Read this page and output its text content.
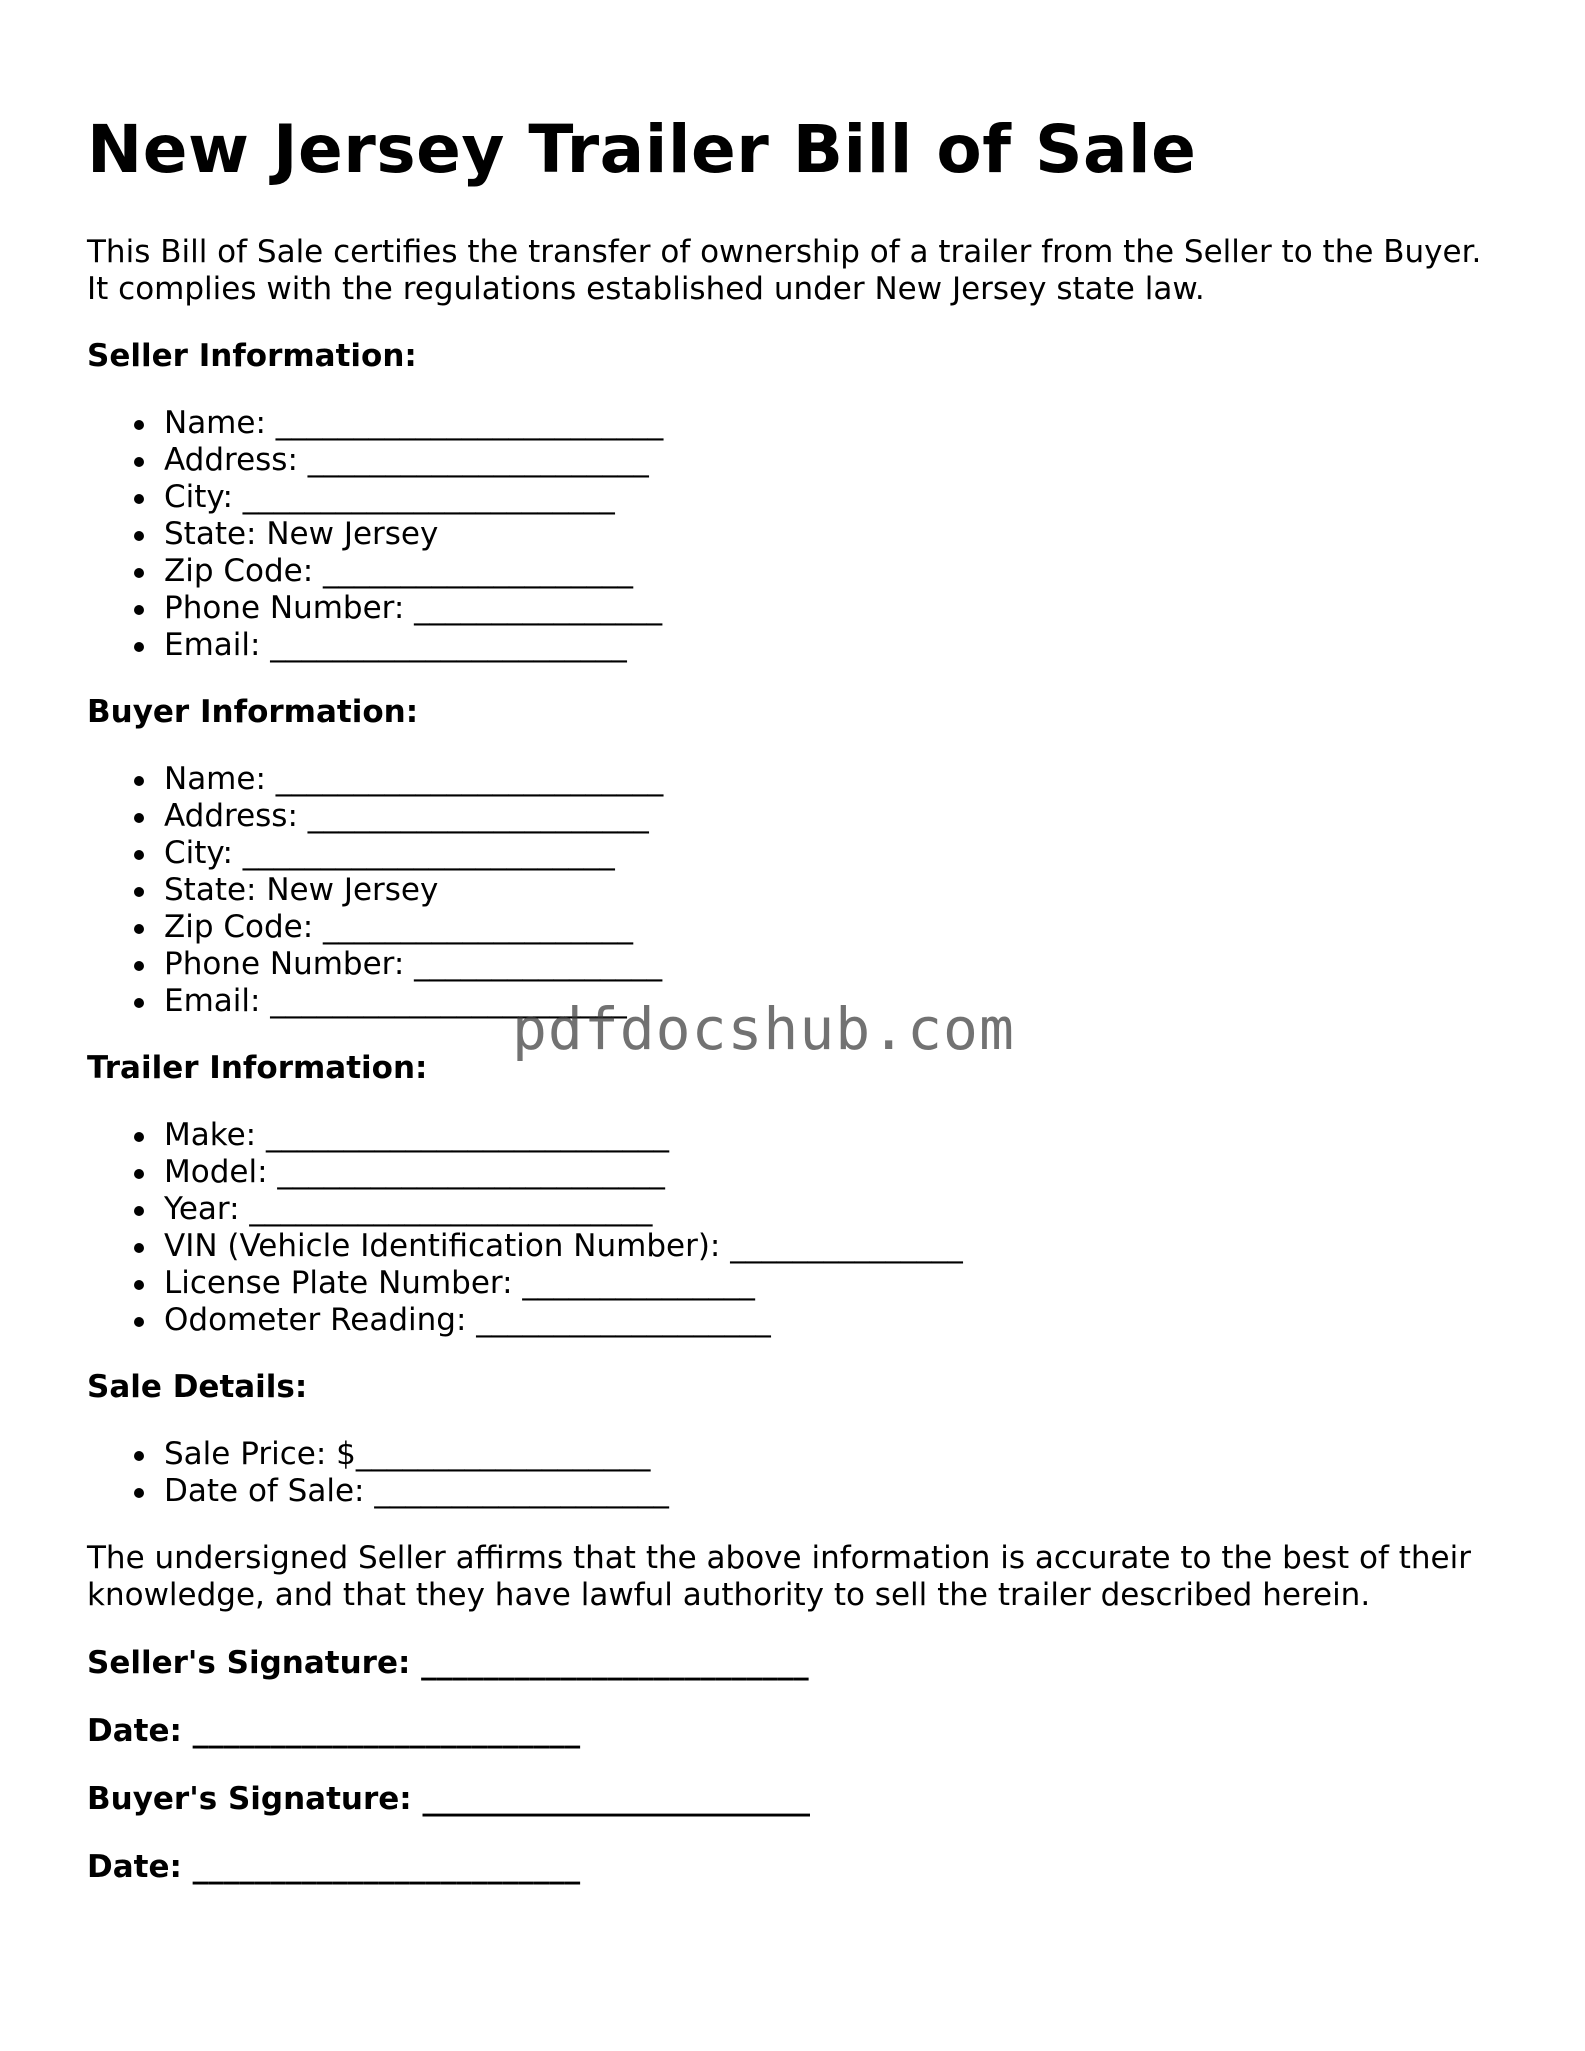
New Jersey Trailer Bill of Sale

This Bill of Sale certifies the transfer of ownership of a trailer from the Seller to the Buyer. It complies with the regulations established under New Jersey state law.

Seller Information:
Name: _________________________
Address: ______________________
City: ________________________
State: New Jersey
Zip Code: ____________________
Phone Number: ________________
Email: _______________________
Buyer Information:
Name: _________________________
Address: ______________________
City: ________________________
State: New Jersey
Zip Code: ____________________
Phone Number: ________________
Email: _______________________
Trailer Information:
Make: __________________________
Model: _________________________
Year: __________________________
VIN (Vehicle Identification Number): _______________
License Plate Number: _______________
Odometer Reading: ___________________
Sale Details:
Sale Price: $___________________
Date of Sale: ___________________

The undersigned Seller affirms that the above information is accurate to the best of their knowledge, and that they have lawful authority to sell the trailer described herein.

Seller's Signature: _________________________
Date: _________________________
Buyer's Signature: _________________________
Date: _________________________
pdfdocshub.com
